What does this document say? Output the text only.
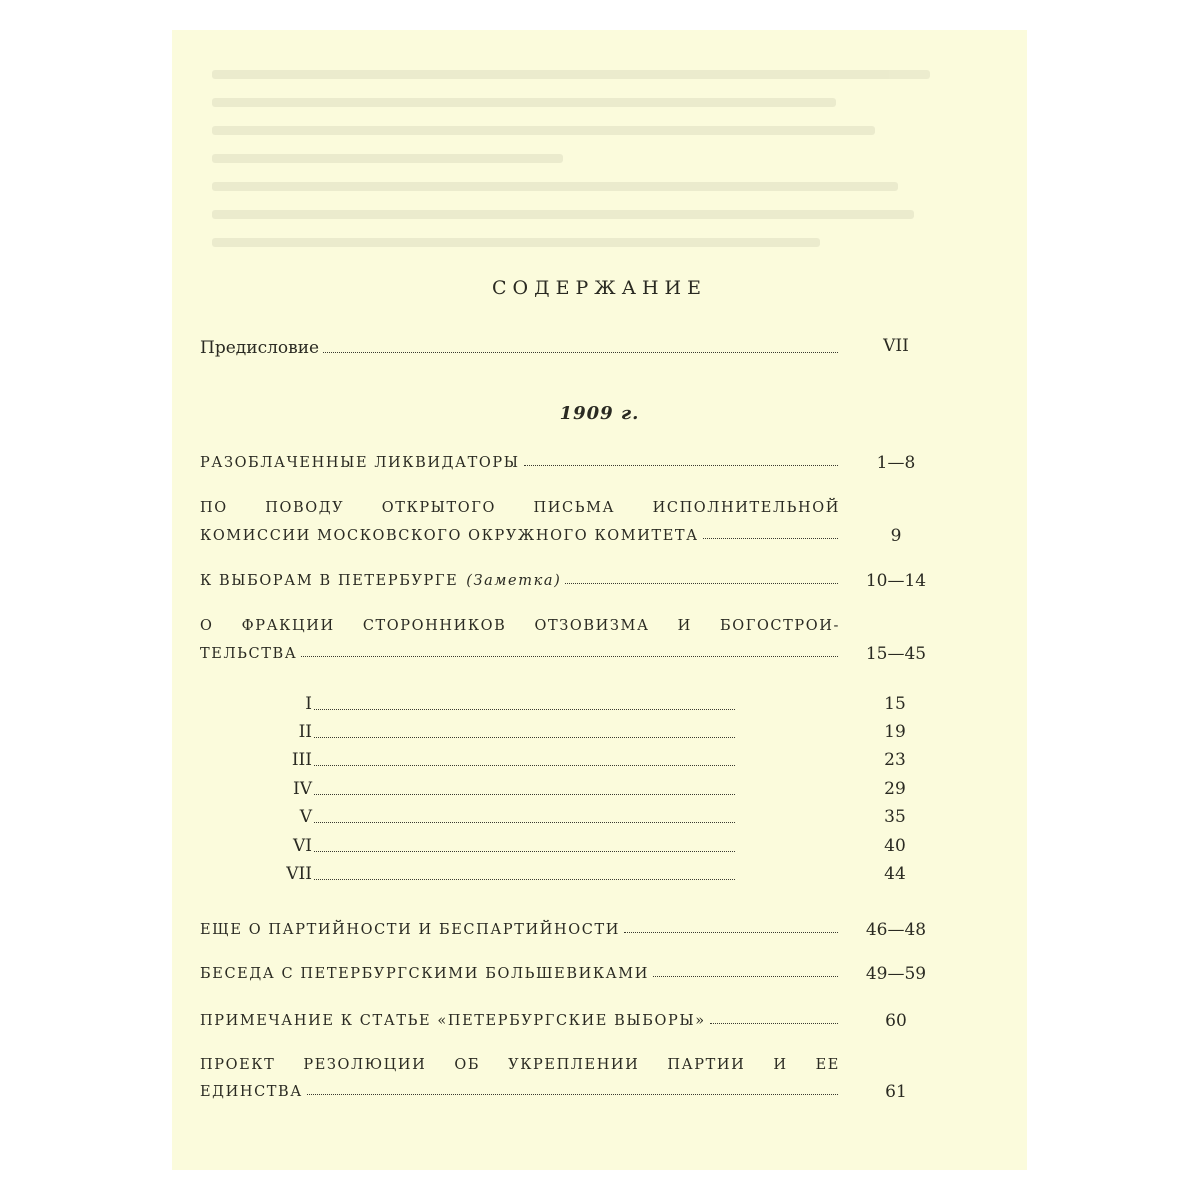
СОДЕРЖАНИЕ
Предисловие	VII
1909 г.
РАЗОБЛАЧЕННЫЕ ЛИКВИДАТОРЫ	1—8
ПО ПОВОДУ ОТКРЫТОГО ПИСЬМА ИСПОЛНИТЕЛЬНОЙ
КОМИССИИ МОСКОВСКОГО ОКРУЖНОГО КОМИТЕТА	9
К ВЫБОРАМ В ПЕТЕРБУРГЕ (Заметка)	10—14
О ФРАКЦИИ СТОРОННИКОВ ОТЗОВИЗМА И БОГОСТРОИ-
ТЕЛЬСТВА	15—45
I	15
II	19
III	23
IV	29
V	35
VI	40
VII	44
ЕЩЕ О ПАРТИЙНОСТИ И БЕСПАРТИЙНОСТИ	46—48
БЕСЕДА С ПЕТЕРБУРГСКИМИ БОЛЬШЕВИКАМИ	49—59
ПРИМЕЧАНИЕ К СТАТЬЕ «ПЕТЕРБУРГСКИЕ ВЫБОРЫ»	60
ПРОЕКТ РЕЗОЛЮЦИИ ОБ УКРЕПЛЕНИИ ПАРТИИ И ЕЕ
ЕДИНСТВА	61
